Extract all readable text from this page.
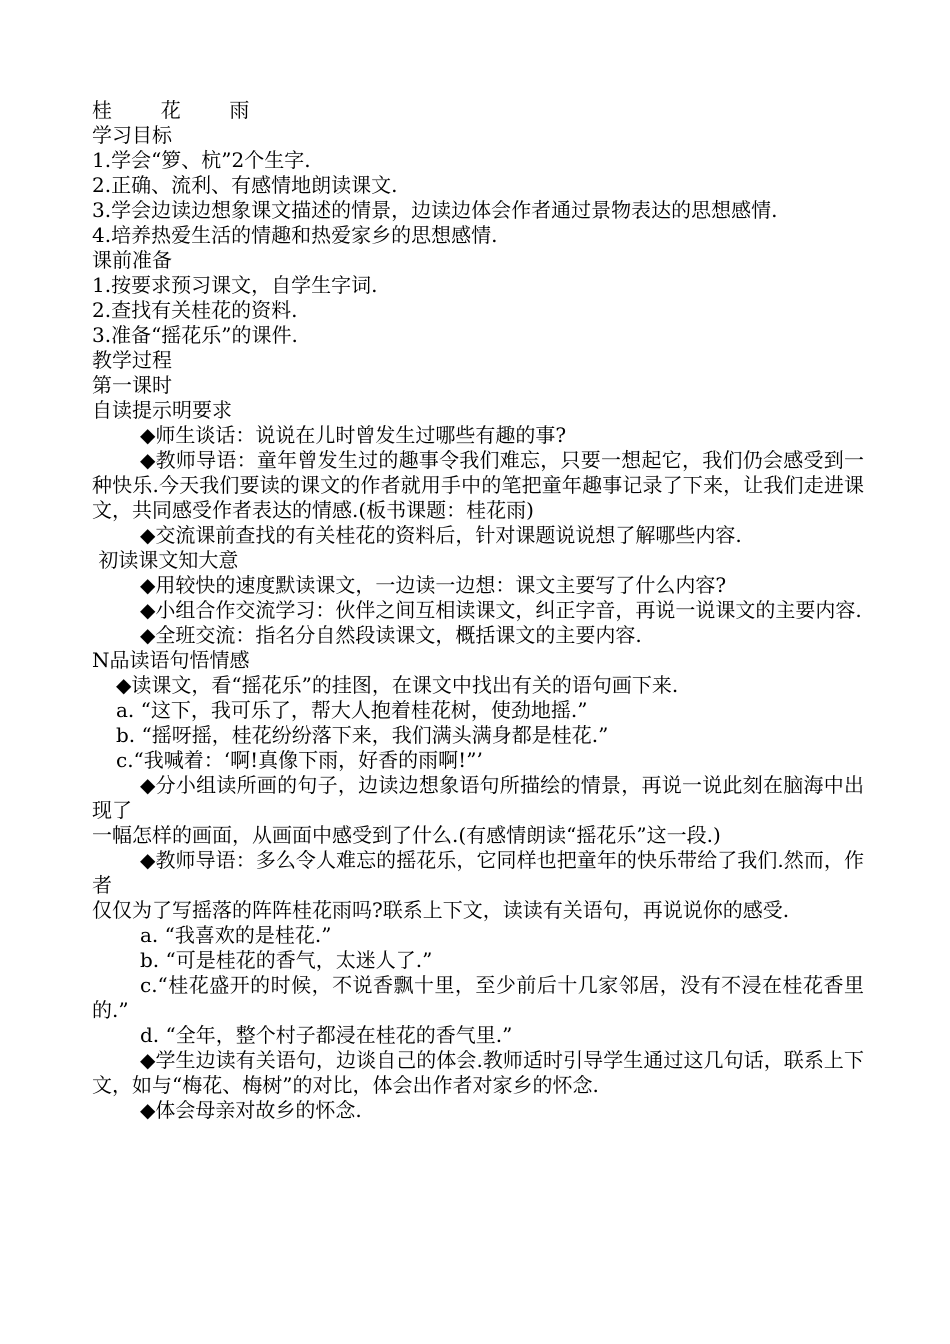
桂  花  雨
学习目标
1.学会“箩、杭”2个生字.
2.正确、流利、有感情地朗读课文.
3.学会边读边想象课文描述的情景，边读边体会作者通过景物表达的思想感情.
4.培养热爱生活的情趣和热爱家乡的思想感情.
课前准备
1.按要求预习课文，自学生字词.
2.查找有关桂花的资料.
3.准备“摇花乐”的课件.
教学过程
第一课时
自读提示明要求
◆师生谈话：说说在儿时曾发生过哪些有趣的事?
◆教师导语：童年曾发生过的趣事令我们难忘，只要一想起它，我们仍会感受到一种快乐.今天我们要读的课文的作者就用手中的笔把童年趣事记录了下来，让我们走进课文，共同感受作者表达的情感.(板书课题：桂花雨)
◆交流课前查找的有关桂花的资料后，针对课题说说想了解哪些内容.
初读课文知大意
◆用较快的速度默读课文，一边读一边想：课文主要写了什么内容?
◆小组合作交流学习：伙伴之间互相读课文，纠正字音，再说一说课文的主要内容.
◆全班交流：指名分自然段读课文，概括课文的主要内容.
N品读语句悟情感
◆读课文，看“摇花乐”的挂图，在课文中找出有关的语句画下来.
a. “这下，我可乐了，帮大人抱着桂花树，使劲地摇.”
b. “摇呀摇，桂花纷纷落下来，我们满头满身都是桂花.”
c.“我喊着：‘啊!真像下雨，好香的雨啊!”’
◆分小组读所画的句子，边读边想象语句所描绘的情景，再说一说此刻在脑海中出现了
一幅怎样的画面，从画面中感受到了什么.(有感情朗读“摇花乐”这一段.)
◆教师导语：多么令人难忘的摇花乐，它同样也把童年的快乐带给了我们.然而，作者
仅仅为了写摇落的阵阵桂花雨吗?联系上下文，读读有关语句，再说说你的感受.
a. “我喜欢的是桂花.”
b. “可是桂花的香气，太迷人了.”
c.“桂花盛开的时候，不说香飘十里，至少前后十几家邻居，没有不浸在桂花香里的.”
d. “全年，整个村子都浸在桂花的香气里.”
◆学生边读有关语句，边谈自己的体会.教师适时引导学生通过这几句话，联系上下文，如与“梅花、梅树”的对比，体会出作者对家乡的怀念.
◆体会母亲对故乡的怀念.
